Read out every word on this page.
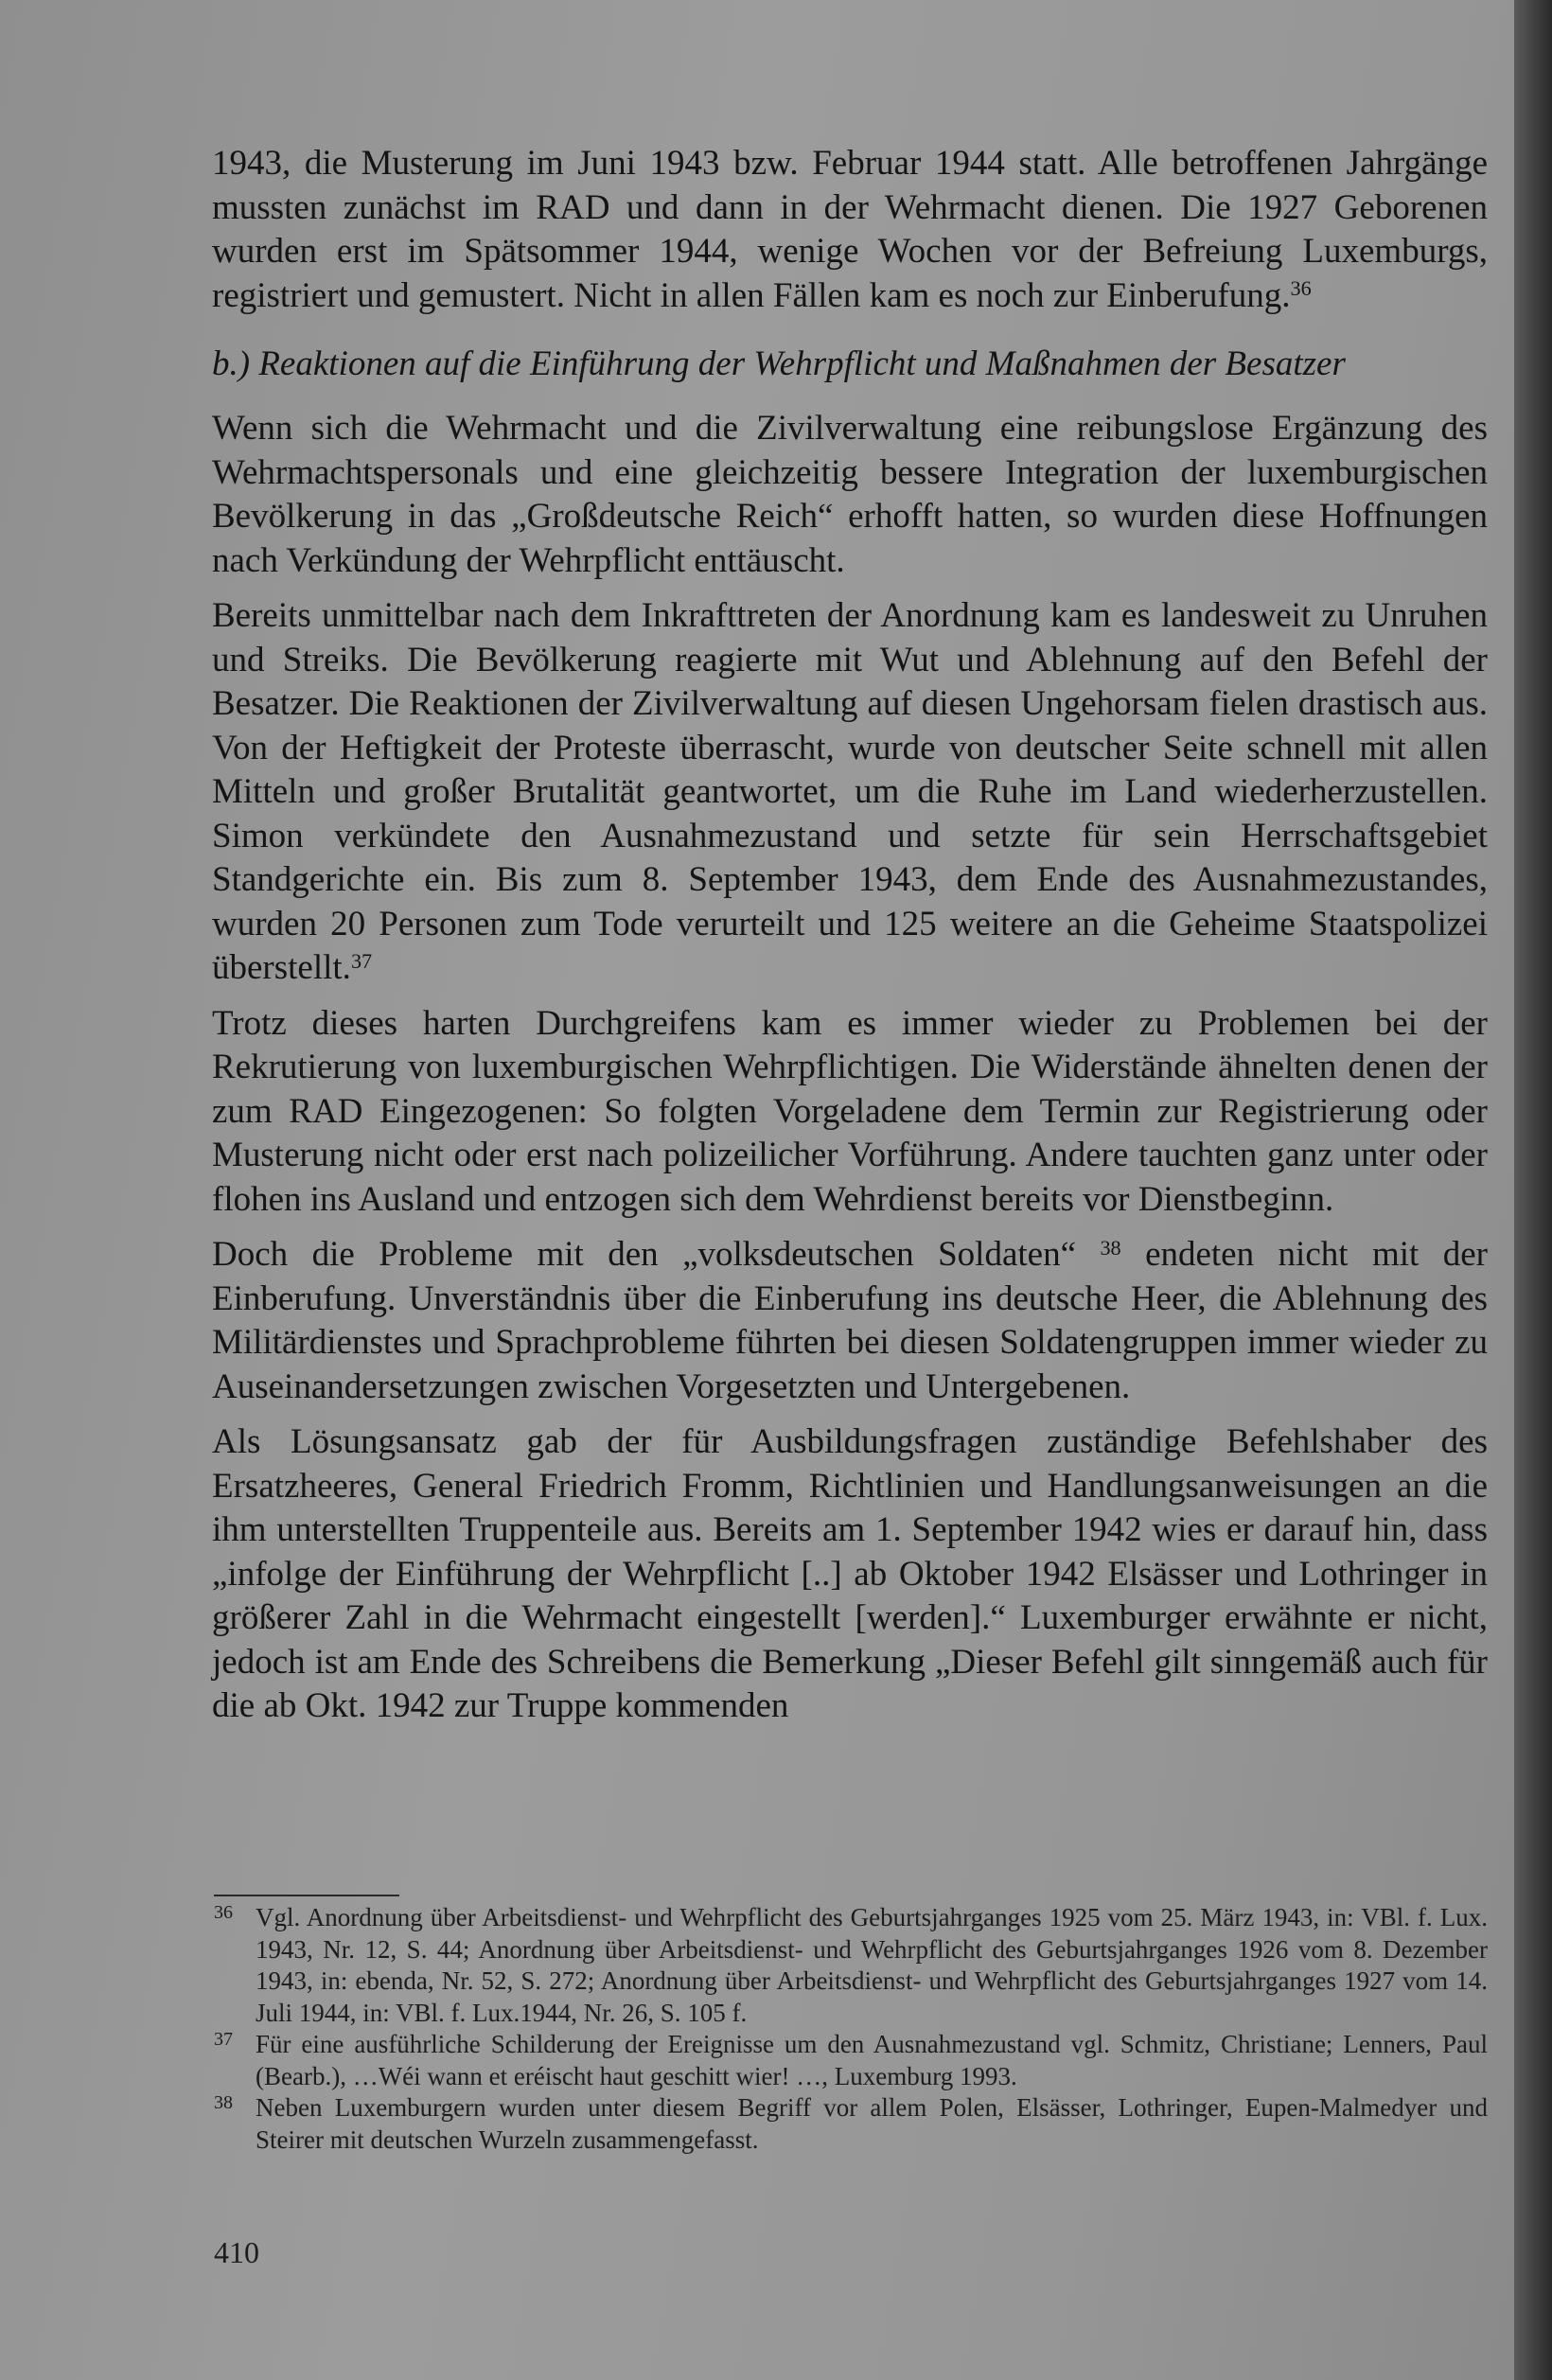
1943, die Musterung im Juni 1943 bzw. Februar 1944 statt. Alle betroffenen Jahrgänge mussten zunächst im RAD und dann in der Wehrmacht dienen. Die 1927 Geborenen wurden erst im Spätsommer 1944, wenige Wochen vor der Befreiung Luxemburgs, registriert und gemustert. Nicht in allen Fällen kam es noch zur Einberufung.$^{36}$

b.) Reaktionen auf die Einführung der Wehrpflicht und Maßnahmen der Besatzer

Wenn sich die Wehrmacht und die Zivilverwaltung eine reibungslose Ergänzung des Wehrmachtspersonals und eine gleichzeitig bessere Integration der luxemburgischen Bevölkerung in das „Großdeutsche Reich“ erhofft hatten, so wurden diese Hoffnungen nach Verkündung der Wehrpflicht enttäuscht.

Bereits unmittelbar nach dem Inkrafttreten der Anordnung kam es landesweit zu Unruhen und Streiks. Die Bevölkerung reagierte mit Wut und Ablehnung auf den Befehl der Besatzer. Die Reaktionen der Zivilverwaltung auf diesen Ungehorsam fielen drastisch aus. Von der Heftigkeit der Proteste überrascht, wurde von deutscher Seite schnell mit allen Mitteln und großer Brutalität geantwortet, um die Ruhe im Land wiederherzustellen. Simon verkündete den Ausnahmezustand und setzte für sein Herrschaftsgebiet Standgerichte ein. Bis zum 8. September 1943, dem Ende des Ausnahmezustandes, wurden 20 Personen zum Tode verurteilt und 125 weitere an die Geheime Staatspolizei überstellt.$^{37}$

Trotz dieses harten Durchgreifens kam es immer wieder zu Problemen bei der Rekrutierung von luxemburgischen Wehrpflichtigen. Die Widerstände ähnelten denen der zum RAD Eingezogenen: So folgten Vorgeladene dem Termin zur Registrierung oder Musterung nicht oder erst nach polizeilicher Vorführung. Andere tauchten ganz unter oder flohen ins Ausland und entzogen sich dem Wehrdienst bereits vor Dienstbeginn.

Doch die Probleme mit den „volksdeutschen Soldaten“ $^{38}$ endeten nicht mit der Einberufung. Unverständnis über die Einberufung ins deutsche Heer, die Ablehnung des Militärdienstes und Sprachprobleme führten bei diesen Soldatengruppen immer wieder zu Auseinandersetzungen zwischen Vorgesetzten und Untergebenen.

Als Lösungsansatz gab der für Ausbildungsfragen zuständige Befehlshaber des Ersatzheeres, General Friedrich Fromm, Richtlinien und Handlungsanweisungen an die ihm unterstellten Truppenteile aus. Bereits am 1. September 1942 wies er darauf hin, dass „infolge der Einführung der Wehrpflicht [..] ab Oktober 1942 Elsässer und Lothringer in größerer Zahl in die Wehrmacht eingestellt [werden].“ Luxemburger erwähnte er nicht, jedoch ist am Ende des Schreibens die Bemerkung „Dieser Befehl gilt sinngemäß auch für die ab Okt. 1942 zur Truppe kommenden

36 Vgl. Anordnung über Arbeitsdienst- und Wehrpflicht des Geburtsjahrganges 1925 vom 25. März 1943, in: VBl. f. Lux. 1943, Nr. 12, S. 44; Anordnung über Arbeitsdienst- und Wehrpflicht des Geburtsjahrganges 1926 vom 8. Dezember 1943, in: ebenda, Nr. 52, S. 272; Anordnung über Arbeitsdienst- und Wehrpflicht des Geburtsjahrganges 1927 vom 14. Juli 1944, in: VBl. f. Lux.1944, Nr. 26, S. 105 f.

37 Für eine ausführliche Schilderung der Ereignisse um den Ausnahmezustand vgl. Schmitz, Christiane; Lenners, Paul (Bearb.), …Wéi wann et eréischt haut geschitt wier! …, Luxemburg 1993.

38 Neben Luxemburgern wurden unter diesem Begriff vor allem Polen, Elsässer, Lothringer, Eupen-Malmedyer und Steirer mit deutschen Wurzeln zusammengefasst.

410
